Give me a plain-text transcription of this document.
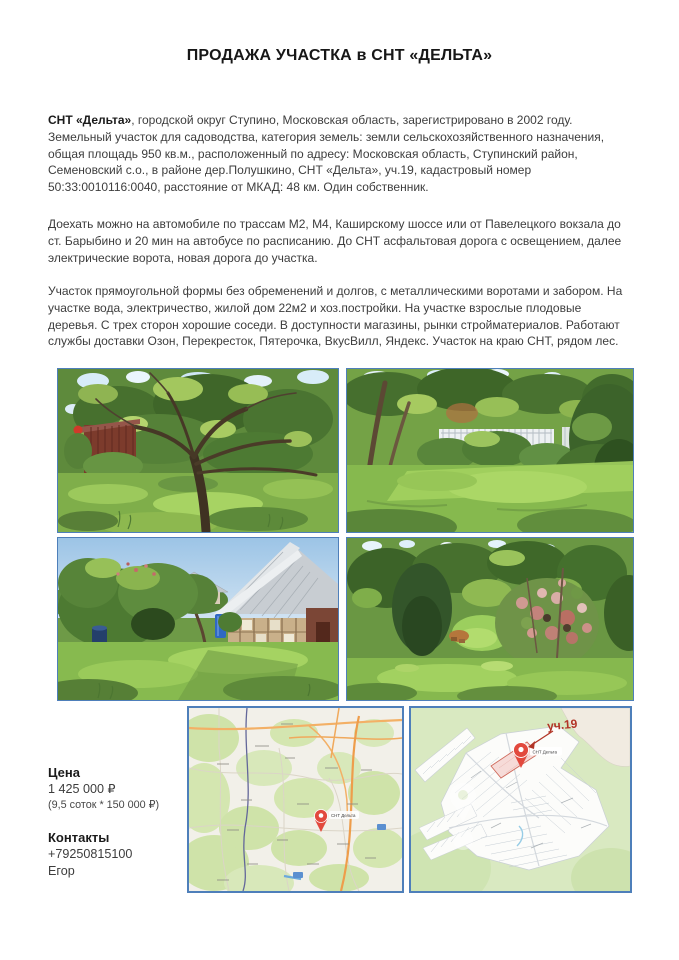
ПРОДАЖА УЧАСТКА в СНТ «ДЕЛЬТА»

СНТ «Дельта», городской округ Ступино, Московская область, зарегистрировано в 2002 году. Земельный участок для садоводства, категория земель: земли сельскохозяйственного назначения, общая площадь 950 кв.м., расположенный по адресу: Московская область, Ступинский район, Семеновский с.о., в районе дер.Полушкино, СНТ «Дельта», уч.19, кадастровый номер 50:33:0010116:0040, расстояние от МКАД: 48 км. Один собственник.

Доехать можно на автомобиле по трассам М2, М4, Каширскому шоссе или от Павелецкого вокзала до ст. Барыбино и 20 мин на автобусе по расписанию. До СНТ асфальтовая дорога с освещением, далее электрические ворота, новая дорога до участка.

Участок прямоугольной формы без обременений и долгов, с металлическими воротами и забором. На участке вода, электричество, жилой дом 22м2 и хоз.постройки. На участке взрослые плодовые деревья. С трех сторон хорошие соседи. В доступности магазины, рынки стройматериалов. Работают службы доставки Озон, Перекресток, Пятерочка, ВкусВилл, Яндекс. Участок на краю СНТ, рядом лес.

СНТ Дельта
СНТ Дельта
уч.19
Цена
1 425 000 ₽
(9,5 соток * 150 000 ₽)
Контакты
+79250815100
Егор
